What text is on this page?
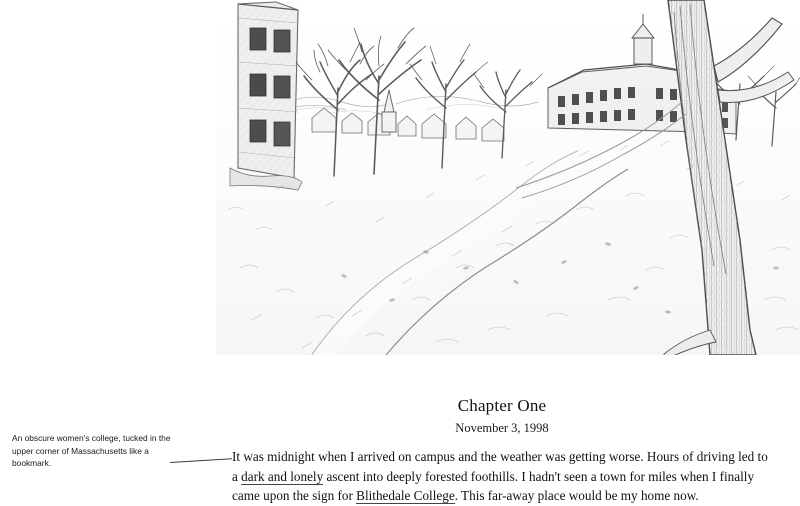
Chapter One
November 3, 1998
It was midnight when I arrived on campus and the weather was getting worse. Hours of driving led to a dark and lonely ascent into deeply forested foothills. I hadn't seen a town for miles when I finally came upon the sign for Blithedale College. This far-away place would be my home now.
An obscure women's college, tucked in the upper corner of Massachusetts like a bookmark.
